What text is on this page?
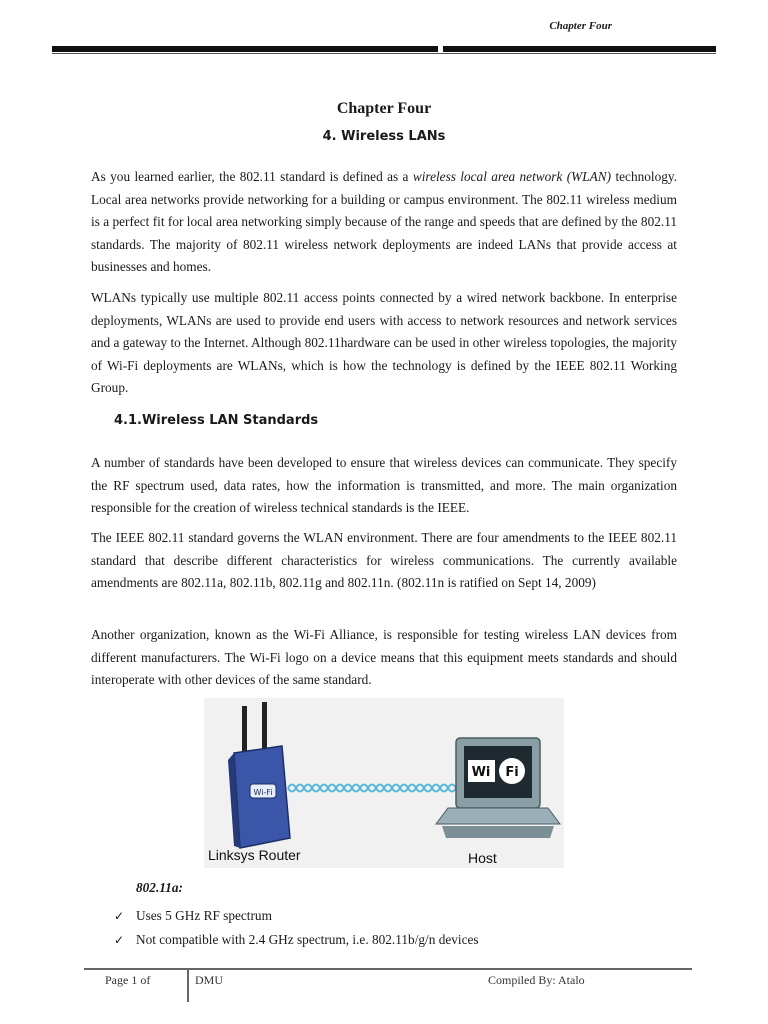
Chapter Four
Chapter Four
4. Wireless LANs

As you learned earlier, the 802.11 standard is defined as a wireless local area network (WLAN) technology. Local area networks provide networking for a building or campus environment. The 802.11 wireless medium is a perfect fit for local area networking simply because of the range and speeds that are defined by the 802.11 standards. The majority of 802.11 wireless network deployments are indeed LANs that provide access at businesses and homes.

WLANs typically use multiple 802.11 access points connected by a wired network backbone. In enterprise deployments, WLANs are used to provide end users with access to network resources and network services and a gateway to the Internet. Although 802.11hardware can be used in other wireless topologies, the majority of Wi-Fi deployments are WLANs, which is how the technology is defined by the IEEE 802.11 Working Group.

4.1.Wireless LAN Standards

A number of standards have been developed to ensure that wireless devices can communicate. They specify the RF spectrum used, data rates, how the information is transmitted, and more. The main organization responsible for the creation of wireless technical standards is the IEEE.

The IEEE 802.11 standard governs the WLAN environment. There are four amendments to the IEEE 802.11 standard that describe different characteristics for wireless communications. The currently available amendments are 802.11a, 802.11b, 802.11g and 802.11n. (802.11n is ratified on Sept 14, 2009)

Another organization, known as the Wi-Fi Alliance, is responsible for testing wireless LAN devices from different manufacturers. The Wi-Fi logo on a device means that this equipment meets standards and should interoperate with other devices of the same standard.

Wi-Fi
Wi Fi
Linksys Router	Host
802.11a:
✓ Uses 5 GHz RF spectrum
✓ Not compatible with 2.4 GHz spectrum, i.e. 802.11b/g/n devices
Page 1 of	DMU	Compiled By: Atalo
